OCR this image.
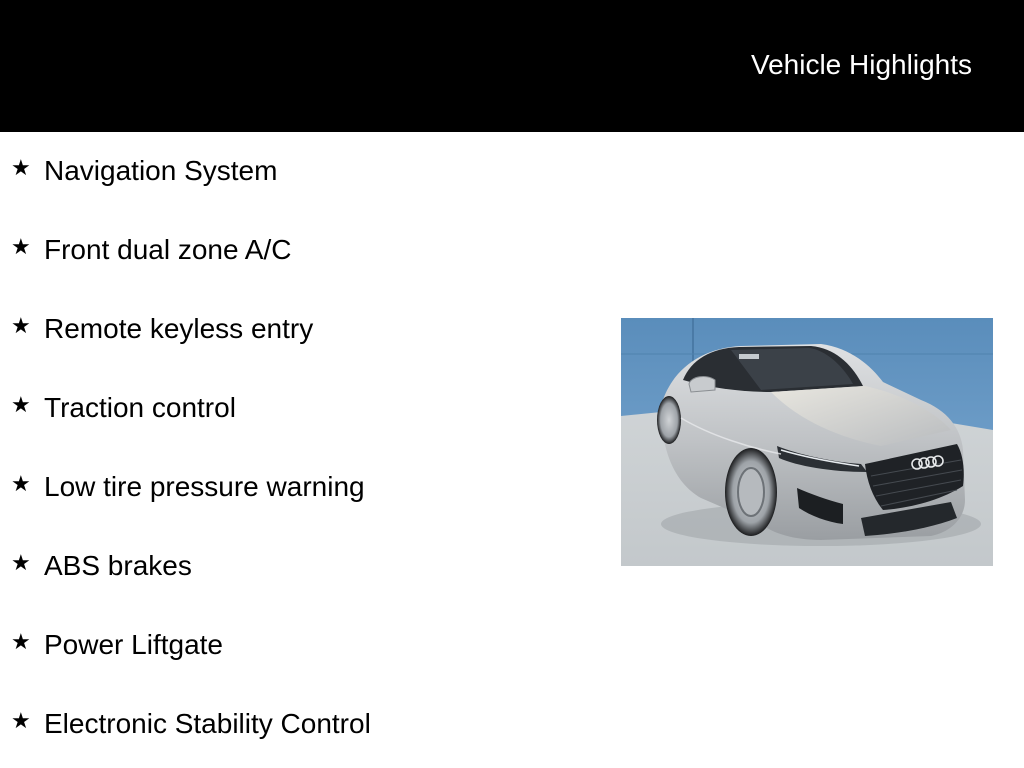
Vehicle Highlights
★ Navigation System
★ Front dual zone A/C
★ Remote keyless entry
★ Traction control
★ Low tire pressure warning
★ ABS brakes
★ Power Liftgate
★ Electronic Stability Control
